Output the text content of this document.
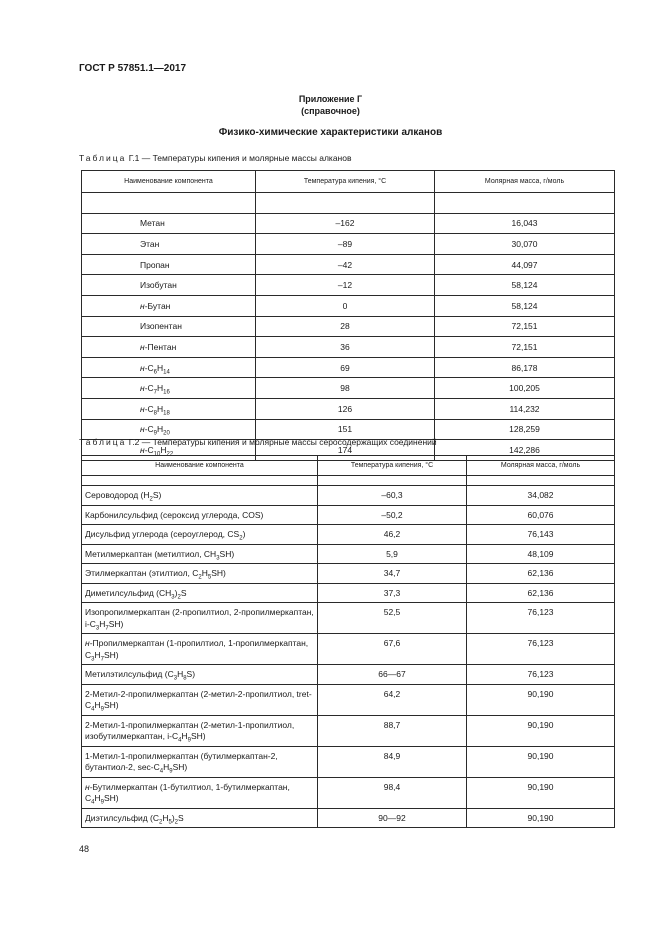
ГОСТ Р 57851.1—2017
Приложение Г
(справочное)
Физико-химические характеристики алканов
Таблица Г.1 — Температуры кипения и молярные массы алканов
Наименование компонента	Температура кипения, °С	Молярная масса, г/моль

Метан	–162	16,043
Этан	–89	30,070
Пропан	–42	44,097
Изобутан	–12	58,124
н-Бутан	0	58,124
Изопентан	28	72,151
н-Пентан	36	72,151
$н-C_6H_{14}$	69	86,178
$н-C_7H_{16}$	98	100,205
$н-C_8H_{18}$	126	114,232
$н-C_9H_{20}$	151	128,259
$н-C_{10}H_{22}$	174	142,286
Таблица Г.2 — Температуры кипения и молярные массы серосодержащих соединений
Наименование компонента	Температура кипения, °С	Молярная масса, г/моль

Сероводород $(H_2S)$	–60,3	34,082
Карбонилсульфид (сероксид углерода, COS)	–50,2	60,076
Дисульфид углерода (сероуглерод, $CS_2$)	46,2	76,143
Метилмеркаптан (метилтиол, $CH_3SH$)	5,9	48,109
Этилмеркаптан (этилтиол, $C_2H_5SH$)	34,7	62,136
Диметилсульфид $(CH_3)_2S$	37,3	62,136
Изопропилмеркаптан (2-пропилтиол, 2-пропилмеркаптан, $i-C_3H_7SH$)	52,5	76,123
н-Пропилмеркаптан (1-пропилтиол, 1-пропилмеркаптан, $C_3H_7SH$)	67,6	76,123
Метилэтилсульфид $(C_3H_8S)$	66—67	76,123
2-Метил-2-пропилмеркаптан (2-метил-2-пропилтиол, tret-$C_4H_9SH$)	64,2	90,190
2-Метил-1-пропилмеркаптан (2-метил-1-пропилтиол, изобутилмеркаптан, $i-C_4H_9SH$)	88,7	90,190
1-Метил-1-пропилмеркаптан (бутилмеркаптан-2, бутантиол-2, $\sec-C_4H_9SH$)	84,9	90,190
н-Бутилмеркаптан (1-бутилтиол, 1-бутилмеркаптан, $C_4H_9SH$)	98,4	90,190
Диэтилсульфид $(C_2H_5)_2S$	90—92	90,190
48
